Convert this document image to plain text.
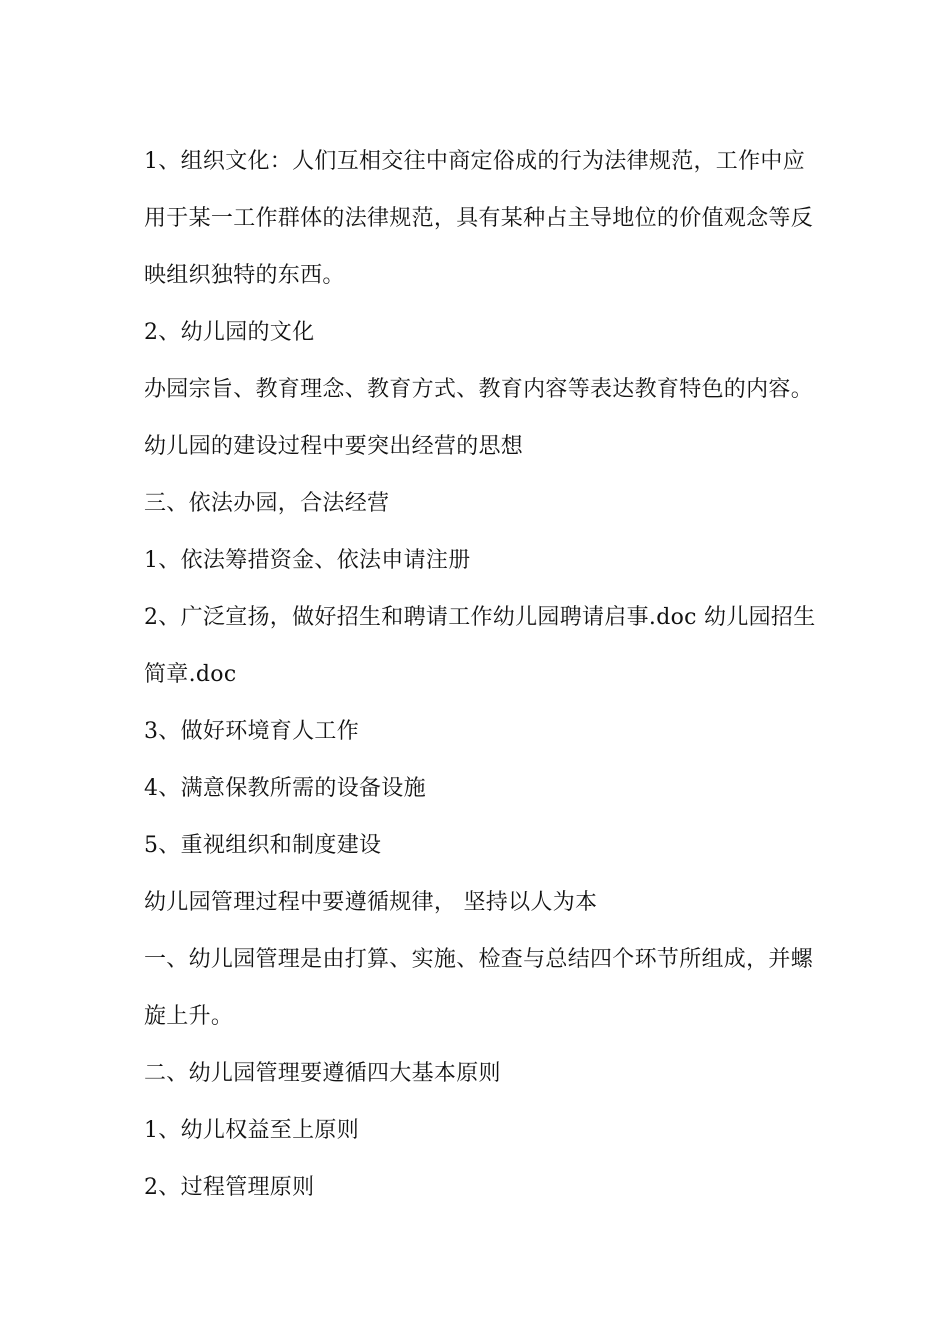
1、组织文化：人们互相交往中商定俗成的行为法律规范，工作中应用于某一工作群体的法律规范，具有某种占主导地位的价值观念等反映组织独特的东西。

2、幼儿园的文化

办园宗旨、教育理念、教育方式、教育内容等表达教育特色的内容。

幼儿园的建设过程中要突出经营的思想

三、依法办园，合法经营

1、依法筹措资金、依法申请注册

2、广泛宣扬，做好招生和聘请工作幼儿园聘请启事.doc 幼儿园招生简章.doc

3、做好环境育人工作

4、满意保教所需的设备设施

5、重视组织和制度建设

幼儿园管理过程中要遵循规律， 坚持以人为本

一、幼儿园管理是由打算、实施、检查与总结四个环节所组成，并螺旋上升。

二、幼儿园管理要遵循四大基本原则

1、幼儿权益至上原则

2、过程管理原则
